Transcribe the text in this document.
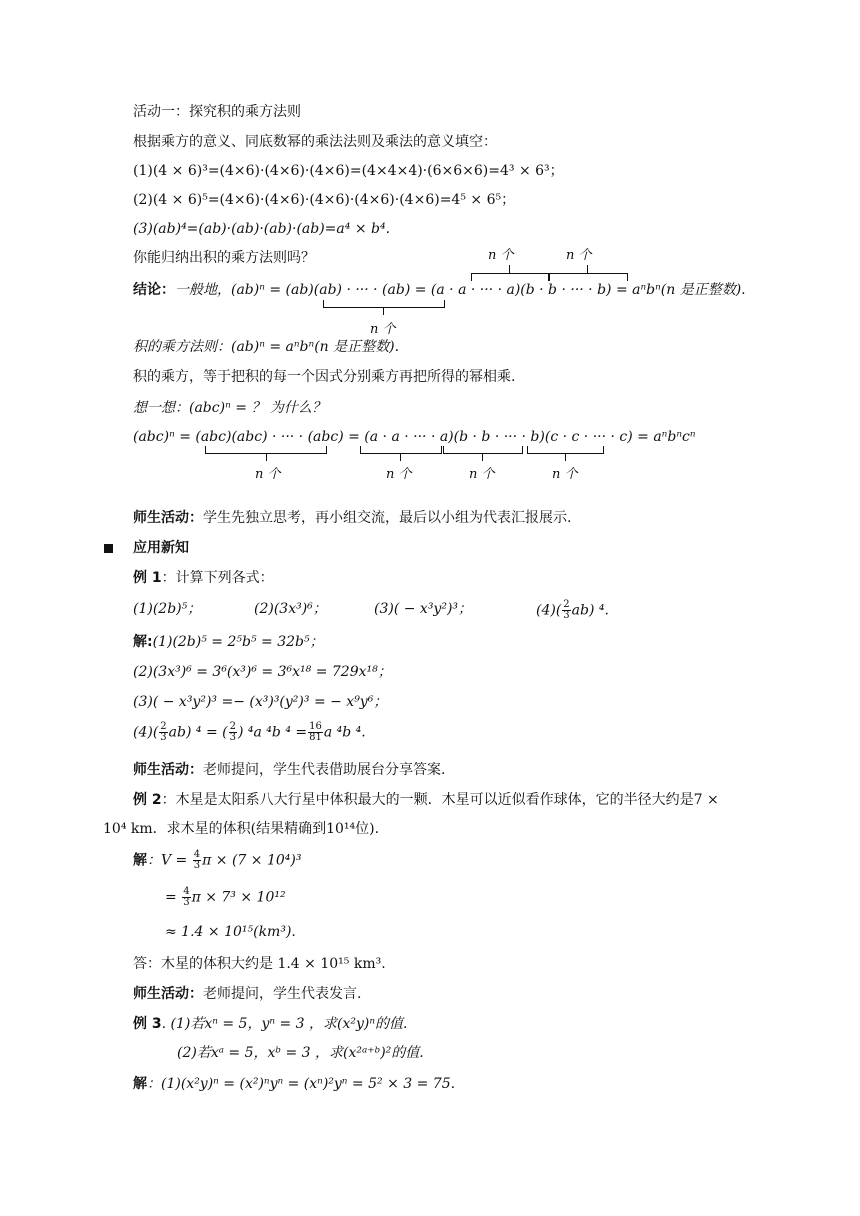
活动一：探究积的乘方法则
根据乘方的意义、同底数幂的乘法法则及乘法的意义填空：
(1)(4 × 6)³=(4×6)·(4×6)·(4×6)=(4×4×4)·(6×6×6)=4³ × 6³；
(2)(4 × 6)⁵=(4×6)·(4×6)·(4×6)·(4×6)·(4×6)=4⁵ × 6⁵；
(3)(ab)⁴=(ab)·(ab)·(ab)·(ab)=a⁴ × b⁴.
你能归纳出积的乘方法则吗？	n 个	n 个
结论：一般地，(ab)ⁿ = (ab)(ab) · ··· · (ab) = (a · a · ··· · a)(b · b · ··· · b) = aⁿbⁿ(n 是正整数).
n 个
积的乘方法则：(ab)ⁿ = aⁿbⁿ(n 是正整数).
积的乘方，等于把积的每一个因式分别乘方再把所得的幂相乘.
想一想：(abc)ⁿ = ？ 为什么？
(abc)ⁿ = (abc)(abc) · ··· · (abc) = (a · a · ··· · a)(b · b · ··· · b)(c · c · ··· · c) = aⁿbⁿcⁿ
n 个	n 个	n 个	n 个
师生活动：学生先独立思考，再小组交流，最后以小组为代表汇报展示.
应用新知
例 1：计算下列各式：
(1)(2b)⁵；	(2)(3x³)⁶；	(3)( − x³y²)³；	$(4)( \frac{2}{3} ab)$ ⁴.
解:(1)(2b)⁵ = 2⁵b⁵ = 32b⁵；
(2)(3x³)⁶ = 3⁶(x³)⁶ = 3⁶x¹⁸ = 729x¹⁸；
(3)( − x³y²)³ =− (x³)³(y²)³ = − x⁹y⁶；
$(4)( \frac{2}{3} ab)$ ⁴ = ( $\frac{2}{3}$ ) ⁴a ⁴b $^4 = \frac{16}{81}$ a ⁴b ⁴.
师生活动：老师提问，学生代表借助展台分享答案.
例 2：木星是太阳系八大行星中体积最大的一颗．木星可以近似看作球体，它的半径大约是7 ×
10⁴ km．求木星的体积(结果精确到10¹⁴位).
解：$V = \frac{4}{3}$ π × (7 × 10⁴)³
= $\frac{4}{3}$ π × 7³ × 10¹²
≈ 1.4 × 10¹⁵(km³).
答：木星的体积大约是 1.4 × 10¹⁵ km³.
师生活动：老师提问，学生代表发言.
例 3. (1)若xⁿ = 5，yⁿ = 3 ，求(x²y)ⁿ的值.
(2)若xᵃ = 5，xᵇ = 3 ，求(x²ᵃ⁺ᵇ)²的值.
解：(1)(x²y)ⁿ = (x²)ⁿyⁿ = (xⁿ)²yⁿ = 5² × 3 = 75.
